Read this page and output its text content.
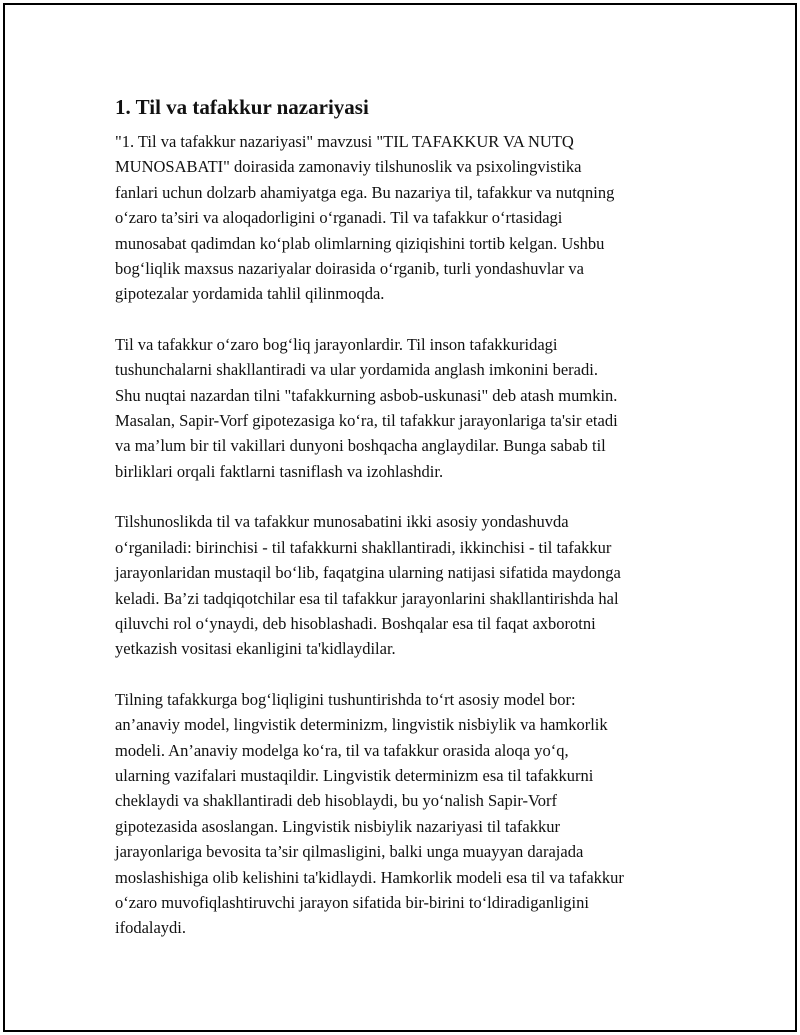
1. Til va tafakkur nazariyasi

"1. Til va tafakkur nazariyasi" mavzusi "TIL TAFAKKUR VA NUTQ
MUNOSABATI" doirasida zamonaviy tilshunoslik va psixolingvistika
fanlari uchun dolzarb ahamiyatga ega. Bu nazariya til, tafakkur va nutqning
o‘zaro ta’siri va aloqadorligini o‘rganadi. Til va tafakkur o‘rtasidagi
munosabat qadimdan ko‘plab olimlarning qiziqishini tortib kelgan. Ushbu
bog‘liqlik maxsus nazariyalar doirasida o‘rganib, turli yondashuvlar va
gipotezalar yordamida tahlil qilinmoqda.

Til va tafakkur o‘zaro bog‘liq jarayonlardir. Til inson tafakkuridagi
tushunchalarni shakllantiradi va ular yordamida anglash imkonini beradi.
Shu nuqtai nazardan tilni "tafakkurning asbob-uskunasi" deb atash mumkin.
Masalan, Sapir-Vorf gipotezasiga ko‘ra, til tafakkur jarayonlariga ta'sir etadi
va ma’lum bir til vakillari dunyoni boshqacha anglaydilar. Bunga sabab til
birliklari orqali faktlarni tasniflash va izohlashdir.

Tilshunoslikda til va tafakkur munosabatini ikki asosiy yondashuvda
o‘rganiladi: birinchisi - til tafakkurni shakllantiradi, ikkinchisi - til tafakkur
jarayonlaridan mustaqil bo‘lib, faqatgina ularning natijasi sifatida maydonga
keladi. Ba’zi tadqiqotchilar esa til tafakkur jarayonlarini shakllantirishda hal
qiluvchi rol o‘ynaydi, deb hisoblashadi. Boshqalar esa til faqat axborotni
yetkazish vositasi ekanligini ta'kidlaydilar.

Tilning tafakkurga bog‘liqligini tushuntirishda to‘rt asosiy model bor:
an’anaviy model, lingvistik determinizm, lingvistik nisbiylik va hamkorlik
modeli. An’anaviy modelga ko‘ra, til va tafakkur orasida aloqa yo‘q,
ularning vazifalari mustaqildir. Lingvistik determinizm esa til tafakkurni
cheklaydi va shakllantiradi deb hisoblaydi, bu yo‘nalish Sapir-Vorf
gipotezasida asoslangan. Lingvistik nisbiylik nazariyasi til tafakkur
jarayonlariga bevosita ta’sir qilmasligini, balki unga muayyan darajada
moslashishiga olib kelishini ta'kidlaydi. Hamkorlik modeli esa til va tafakkur
o‘zaro muvofiqlashtiruvchi jarayon sifatida bir-birini to‘ldiradiganligini
ifodalaydi.
